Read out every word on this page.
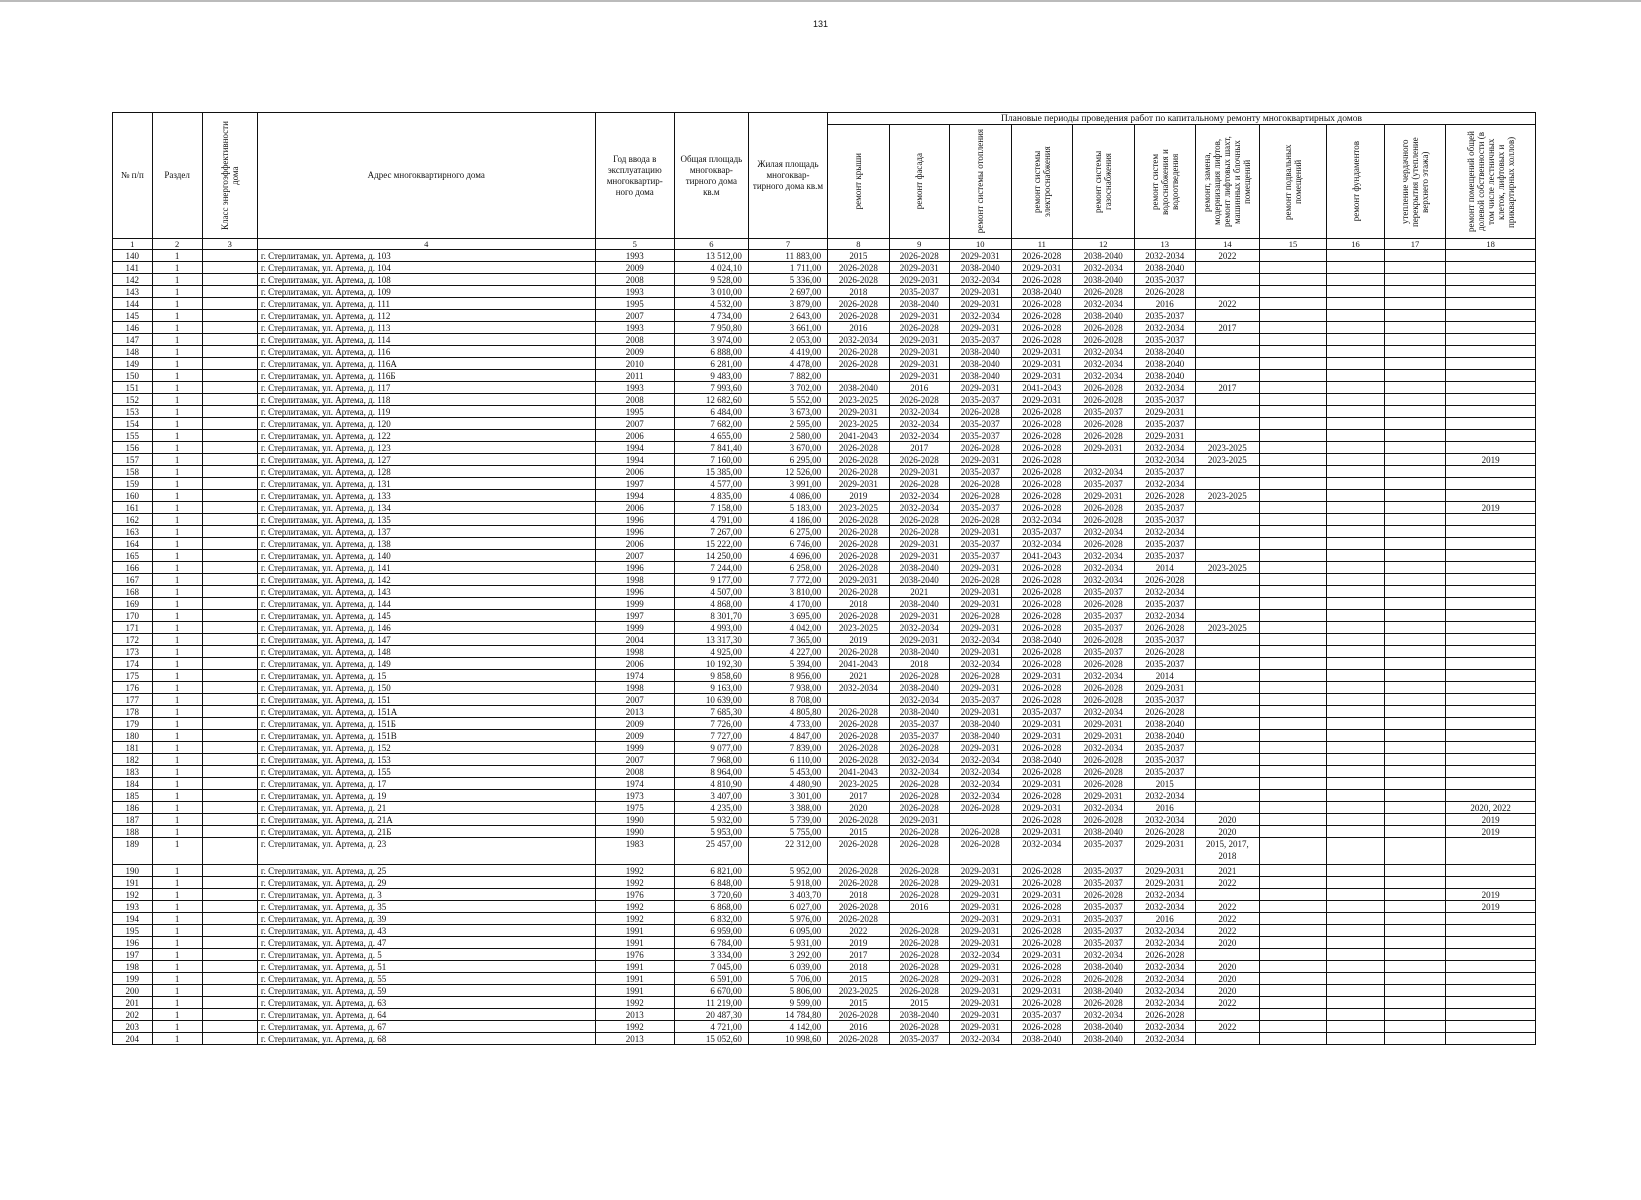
131
№ п/п	Раздел	Класс энергоэффективности дома	Адрес многоквартирного дома	Год ввода в эксплуатацию многоквартир-ного дома	Общая площадь многоквар-тирного дома кв.м	Жилая площадь многоквар-тирного дома кв.м	Плановые периоды проведения работ по капитальному ремонту многоквартирных домов										

							ремонт крыши	ремонт фасада	ремонт системы отопления	ремонт системы электроснабжения	ремонт системы газоснабжения	ремонт систем водоснабжения и водоотведения	ремонт, замена, модернизация лифтов, ремонт лифтовых шахт, машинных и блочных помещений	ремонт подвальных помещений	ремонт фундаментов	утепление чердачного перекрытия (утепление верхнего этажа)	ремонт помещений общей долевой собственности (в том числе лестничных клеток, лифтовых и приквартирных холлов)

1	2	3	4	5	6	7	8	9	10	11	12	13	14	15	16	17	18
140	1		г. Стерлитамак, ул. Артема, д. 103	1993	13 512,00	11 883,00	2015	2026-2028	2029-2031	2026-2028	2038-2040	2032-2034	2022				
141	1		г. Стерлитамак, ул. Артема, д. 104	2009	4 024,10	1 711,00	2026-2028	2029-2031	2038-2040	2029-2031	2032-2034	2038-2040					
142	1		г. Стерлитамак, ул. Артема, д. 108	2008	9 528,00	5 336,00	2026-2028	2029-2031	2032-2034	2026-2028	2038-2040	2035-2037					
143	1		г. Стерлитамак, ул. Артема, д. 109	1993	3 010,00	2 697,00	2018	2035-2037	2029-2031	2038-2040	2026-2028	2026-2028					
144	1		г. Стерлитамак, ул. Артема, д. 111	1995	4 532,00	3 879,00	2026-2028	2038-2040	2029-2031	2026-2028	2032-2034	2016	2022				
145	1		г. Стерлитамак, ул. Артема, д. 112	2007	4 734,00	2 643,00	2026-2028	2029-2031	2032-2034	2026-2028	2038-2040	2035-2037					
146	1		г. Стерлитамак, ул. Артема, д. 113	1993	7 950,80	3 661,00	2016	2026-2028	2029-2031	2026-2028	2026-2028	2032-2034	2017				
147	1		г. Стерлитамак, ул. Артема, д. 114	2008	3 974,00	2 053,00	2032-2034	2029-2031	2035-2037	2026-2028	2026-2028	2035-2037					
148	1		г. Стерлитамак, ул. Артема, д. 116	2009	6 888,00	4 419,00	2026-2028	2029-2031	2038-2040	2029-2031	2032-2034	2038-2040					
149	1		г. Стерлитамак, ул. Артема, д. 116А	2010	6 281,00	4 478,00	2026-2028	2029-2031	2038-2040	2029-2031	2032-2034	2038-2040					
150	1		г. Стерлитамак, ул. Артема, д. 116Б	2011	9 483,00	7 882,00		2029-2031	2038-2040	2029-2031	2032-2034	2038-2040					
151	1		г. Стерлитамак, ул. Артема, д. 117	1993	7 993,60	3 702,00	2038-2040	2016	2029-2031	2041-2043	2026-2028	2032-2034	2017				
152	1		г. Стерлитамак, ул. Артема, д. 118	2008	12 682,60	5 552,00	2023-2025	2026-2028	2035-2037	2029-2031	2026-2028	2035-2037					
153	1		г. Стерлитамак, ул. Артема, д. 119	1995	6 484,00	3 673,00	2029-2031	2032-2034	2026-2028	2026-2028	2035-2037	2029-2031					
154	1		г. Стерлитамак, ул. Артема, д. 120	2007	7 682,00	2 595,00	2023-2025	2032-2034	2035-2037	2026-2028	2026-2028	2035-2037					
155	1		г. Стерлитамак, ул. Артема, д. 122	2006	4 655,00	2 580,00	2041-2043	2032-2034	2035-2037	2026-2028	2026-2028	2029-2031					
156	1		г. Стерлитамак, ул. Артема, д. 123	1994	7 841,40	3 670,00	2026-2028	2017	2026-2028	2026-2028	2029-2031	2032-2034	2023-2025				
157	1		г. Стерлитамак, ул. Артема, д. 127	1994	7 160,00	6 295,00	2026-2028	2026-2028	2029-2031	2026-2028		2032-2034	2023-2025				2019
158	1		г. Стерлитамак, ул. Артема, д. 128	2006	15 385,00	12 526,00	2026-2028	2029-2031	2035-2037	2026-2028	2032-2034	2035-2037					
159	1		г. Стерлитамак, ул. Артема, д. 131	1997	4 577,00	3 991,00	2029-2031	2026-2028	2026-2028	2026-2028	2035-2037	2032-2034					
160	1		г. Стерлитамак, ул. Артема, д. 133	1994	4 835,00	4 086,00	2019	2032-2034	2026-2028	2026-2028	2029-2031	2026-2028	2023-2025				
161	1		г. Стерлитамак, ул. Артема, д. 134	2006	7 158,00	5 183,00	2023-2025	2032-2034	2035-2037	2026-2028	2026-2028	2035-2037					2019
162	1		г. Стерлитамак, ул. Артема, д. 135	1996	4 791,00	4 186,00	2026-2028	2026-2028	2026-2028	2032-2034	2026-2028	2035-2037					
163	1		г. Стерлитамак, ул. Артема, д. 137	1996	7 267,00	6 275,00	2026-2028	2026-2028	2029-2031	2035-2037	2032-2034	2032-2034					
164	1		г. Стерлитамак, ул. Артема, д. 138	2006	15 222,00	6 746,00	2026-2028	2029-2031	2035-2037	2032-2034	2026-2028	2035-2037					
165	1		г. Стерлитамак, ул. Артема, д. 140	2007	14 250,00	4 696,00	2026-2028	2029-2031	2035-2037	2041-2043	2032-2034	2035-2037					
166	1		г. Стерлитамак, ул. Артема, д. 141	1996	7 244,00	6 258,00	2026-2028	2038-2040	2029-2031	2026-2028	2032-2034	2014	2023-2025				
167	1		г. Стерлитамак, ул. Артема, д. 142	1998	9 177,00	7 772,00	2029-2031	2038-2040	2026-2028	2026-2028	2032-2034	2026-2028					
168	1		г. Стерлитамак, ул. Артема, д. 143	1996	4 507,00	3 810,00	2026-2028	2021	2029-2031	2026-2028	2035-2037	2032-2034					
169	1		г. Стерлитамак, ул. Артема, д. 144	1999	4 868,00	4 170,00	2018	2038-2040	2029-2031	2026-2028	2026-2028	2035-2037					
170	1		г. Стерлитамак, ул. Артема, д. 145	1997	8 301,70	3 695,00	2026-2028	2029-2031	2026-2028	2026-2028	2035-2037	2032-2034					
171	1		г. Стерлитамак, ул. Артема, д. 146	1999	4 993,00	4 042,00	2023-2025	2032-2034	2029-2031	2026-2028	2035-2037	2026-2028	2023-2025				
172	1		г. Стерлитамак, ул. Артема, д. 147	2004	13 317,30	7 365,00	2019	2029-2031	2032-2034	2038-2040	2026-2028	2035-2037					
173	1		г. Стерлитамак, ул. Артема, д. 148	1998	4 925,00	4 227,00	2026-2028	2038-2040	2029-2031	2026-2028	2035-2037	2026-2028					
174	1		г. Стерлитамак, ул. Артема, д. 149	2006	10 192,30	5 394,00	2041-2043	2018	2032-2034	2026-2028	2026-2028	2035-2037					
175	1		г. Стерлитамак, ул. Артема, д. 15	1974	9 858,60	8 956,00	2021	2026-2028	2026-2028	2029-2031	2032-2034	2014					
176	1		г. Стерлитамак, ул. Артема, д. 150	1998	9 163,00	7 938,00	2032-2034	2038-2040	2029-2031	2026-2028	2026-2028	2029-2031					
177	1		г. Стерлитамак, ул. Артема, д. 151	2007	10 639,00	8 708,00		2032-2034	2035-2037	2026-2028	2026-2028	2035-2037					
178	1		г. Стерлитамак, ул. Артема, д. 151А	2013	7 685,30	4 805,80	2026-2028	2038-2040	2029-2031	2035-2037	2032-2034	2026-2028					
179	1		г. Стерлитамак, ул. Артема, д. 151Б	2009	7 726,00	4 733,00	2026-2028	2035-2037	2038-2040	2029-2031	2029-2031	2038-2040					
180	1		г. Стерлитамак, ул. Артема, д. 151В	2009	7 727,00	4 847,00	2026-2028	2035-2037	2038-2040	2029-2031	2029-2031	2038-2040					
181	1		г. Стерлитамак, ул. Артема, д. 152	1999	9 077,00	7 839,00	2026-2028	2026-2028	2029-2031	2026-2028	2032-2034	2035-2037					
182	1		г. Стерлитамак, ул. Артема, д. 153	2007	7 968,00	6 110,00	2026-2028	2032-2034	2032-2034	2038-2040	2026-2028	2035-2037					
183	1		г. Стерлитамак, ул. Артема, д. 155	2008	8 964,00	5 453,00	2041-2043	2032-2034	2032-2034	2026-2028	2026-2028	2035-2037					
184	1		г. Стерлитамак, ул. Артема, д. 17	1974	4 810,90	4 480,90	2023-2025	2026-2028	2032-2034	2029-2031	2026-2028	2015					
185	1		г. Стерлитамак, ул. Артема, д. 19	1973	3 407,00	3 301,00	2017	2026-2028	2032-2034	2026-2028	2029-2031	2032-2034					
186	1		г. Стерлитамак, ул. Артема, д. 21	1975	4 235,00	3 388,00	2020	2026-2028	2026-2028	2029-2031	2032-2034	2016					2020, 2022
187	1		г. Стерлитамак, ул. Артема, д. 21А	1990	5 932,00	5 739,00	2026-2028	2029-2031		2026-2028	2026-2028	2032-2034	2020				2019
188	1		г. Стерлитамак, ул. Артема, д. 21Б	1990	5 953,00	5 755,00	2015	2026-2028	2026-2028	2029-2031	2038-2040	2026-2028	2020				2019
189	1		г. Стерлитамак, ул. Артема, д. 23	1983	25 457,00	22 312,00	2026-2028	2026-2028	2026-2028	2032-2034	2035-2037	2029-2031	2015, 2017, 2018				
190	1		г. Стерлитамак, ул. Артема, д. 25	1992	6 821,00	5 952,00	2026-2028	2026-2028	2029-2031	2026-2028	2035-2037	2029-2031	2021				
191	1		г. Стерлитамак, ул. Артема, д. 29	1992	6 848,00	5 918,00	2026-2028	2026-2028	2029-2031	2026-2028	2035-2037	2029-2031	2022				
192	1		г. Стерлитамак, ул. Артема, д. 3	1976	3 720,60	3 403,70	2018	2026-2028	2029-2031	2029-2031	2026-2028	2032-2034					2019
193	1		г. Стерлитамак, ул. Артема, д. 35	1992	6 868,00	6 027,00	2026-2028	2016	2029-2031	2026-2028	2035-2037	2032-2034	2022				2019
194	1		г. Стерлитамак, ул. Артема, д. 39	1992	6 832,00	5 976,00	2026-2028		2029-2031	2029-2031	2035-2037	2016	2022				
195	1		г. Стерлитамак, ул. Артема, д. 43	1991	6 959,00	6 095,00	2022	2026-2028	2029-2031	2026-2028	2035-2037	2032-2034	2022				
196	1		г. Стерлитамак, ул. Артема, д. 47	1991	6 784,00	5 931,00	2019	2026-2028	2029-2031	2026-2028	2035-2037	2032-2034	2020				
197	1		г. Стерлитамак, ул. Артема, д. 5	1976	3 334,00	3 292,00	2017	2026-2028	2032-2034	2029-2031	2032-2034	2026-2028					
198	1		г. Стерлитамак, ул. Артема, д. 51	1991	7 045,00	6 039,00	2018	2026-2028	2029-2031	2026-2028	2038-2040	2032-2034	2020				
199	1		г. Стерлитамак, ул. Артема, д. 55	1991	6 591,00	5 706,00	2015	2026-2028	2029-2031	2026-2028	2026-2028	2032-2034	2020				
200	1		г. Стерлитамак, ул. Артема, д. 59	1991	6 670,00	5 806,00	2023-2025	2026-2028	2029-2031	2029-2031	2038-2040	2032-2034	2020				
201	1		г. Стерлитамак, ул. Артема, д. 63	1992	11 219,00	9 599,00	2015	2015	2029-2031	2026-2028	2026-2028	2032-2034	2022				
202	1		г. Стерлитамак, ул. Артема, д. 64	2013	20 487,30	14 784,80	2026-2028	2038-2040	2029-2031	2035-2037	2032-2034	2026-2028					
203	1		г. Стерлитамак, ул. Артема, д. 67	1992	4 721,00	4 142,00	2016	2026-2028	2029-2031	2026-2028	2038-2040	2032-2034	2022				
204	1		г. Стерлитамак, ул. Артема, д. 68	2013	15 052,60	10 998,60	2026-2028	2035-2037	2032-2034	2038-2040	2038-2040	2032-2034					
